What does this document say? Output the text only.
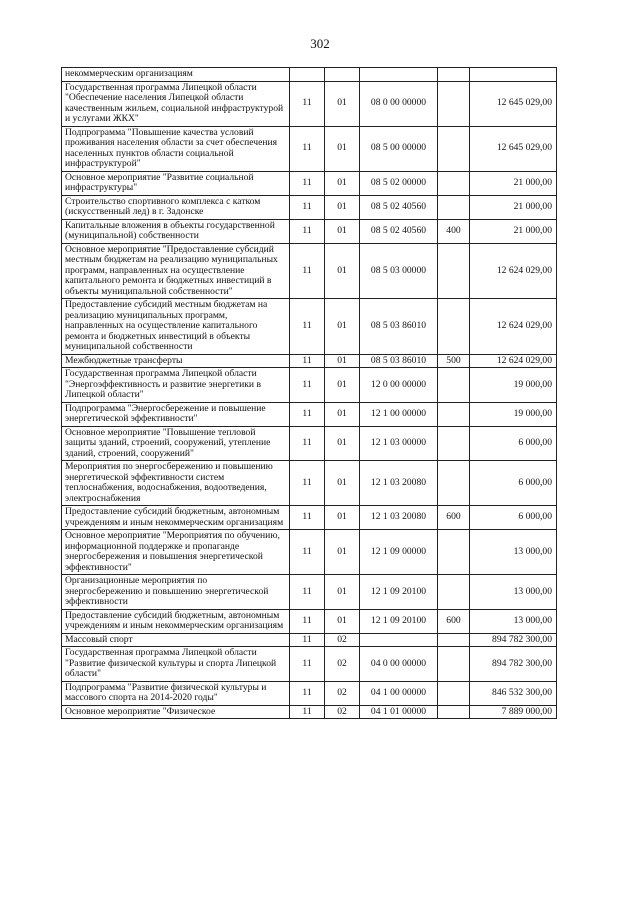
302
некоммерческим организациям					
Государственная программа Липецкой области "Обеспечение населения Липецкой области качественным жильем, социальной инфраструктурой и услугами ЖКХ"	11	01	08 0 00 00000		12 645 029,00
Подпрограмма "Повышение качества условий проживания населения области за счет обеспечения населенных пунктов области социальной инфраструктурой"	11	01	08 5 00 00000		12 645 029,00
Основное мероприятие "Развитие социальной инфраструктуры"	11	01	08 5 02 00000		21 000,00
Строительство спортивного комплекса с катком (искусственный лед) в г. Задонске	11	01	08 5 02 40560		21 000,00
Капитальные вложения в объекты государственной (муниципальной) собственности	11	01	08 5 02 40560	400	21 000,00
Основное мероприятие "Предоставление субсидий местным бюджетам на реализацию муниципальных программ, направленных на осуществление капитального ремонта и бюджетных инвестиций в объекты муниципальной собственности"	11	01	08 5 03 00000		12 624 029,00
Предоставление субсидий местным бюджетам на реализацию муниципальных программ, направленных на осуществление капитального ремонта и бюджетных инвестиций в объекты муниципальной собственности	11	01	08 5 03 86010		12 624 029,00
Межбюджетные трансферты	11	01	08 5 03 86010	500	12 624 029,00
Государственная программа Липецкой области "Энергоэффективность и развитие энергетики в Липецкой области"	11	01	12 0 00 00000		19 000,00
Подпрограмма "Энергосбережение и повышение энергетической эффективности"	11	01	12 1 00 00000		19 000,00
Основное мероприятие "Повышение тепловой защиты зданий, строений, сооружений, утепление зданий, строений, сооружений"	11	01	12 1 03 00000		6 000,00
Мероприятия по энергосбережению и повышению энергетической эффективности систем теплоснабжения, водоснабжения, водоотведения, электроснабжения	11	01	12 1 03 20080		6 000,00
Предоставление субсидий бюджетным, автономным учреждениям и иным некоммерческим организациям	11	01	12 1 03 20080	600	6 000,00
Основное мероприятие "Мероприятия по обучению, информационной поддержке и пропаганде энергосбережения и повышения энергетической эффективности"	11	01	12 1 09 00000		13 000,00
Организационные мероприятия по энергосбережению и повышению энергетической эффективности	11	01	12 1 09 20100		13 000,00
Предоставление субсидий бюджетным, автономным учреждениям и иным некоммерческим организациям	11	01	12 1 09 20100	600	13 000,00
Массовый спорт	11	02			894 782 300,00
Государственная программа Липецкой области "Развитие физической культуры и спорта Липецкой области"	11	02	04 0 00 00000		894 782 300,00
Подпрограмма "Развитие физической культуры и массового спорта на 2014-2020 годы"	11	02	04 1 00 00000		846 532 300,00
Основное мероприятие "Физическое	11	02	04 1 01 00000		7 889 000,00
